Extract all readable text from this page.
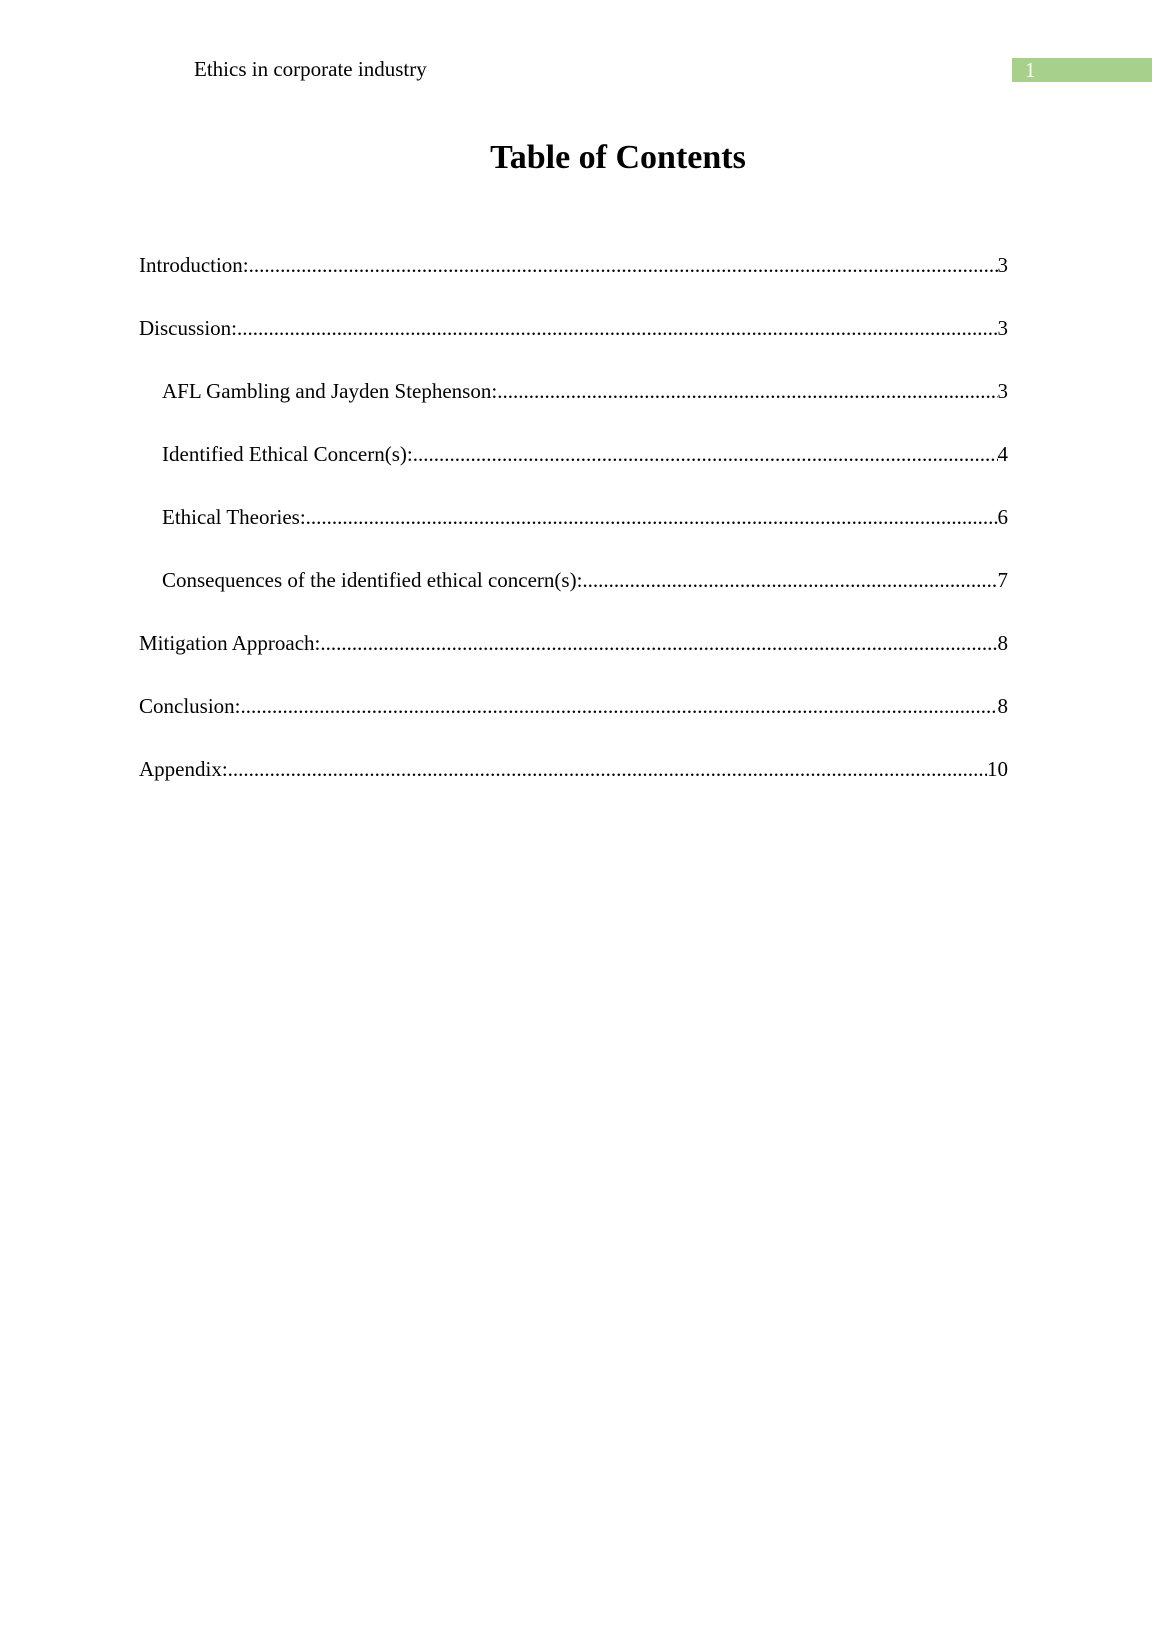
Ethics in corporate industry	1
Table of Contents
Introduction: .....	3
Discussion: .....	3
AFL Gambling and Jayden Stephenson: .....	3
Identified Ethical Concern(s): .....	4
Ethical Theories: .....	6
Consequences of the identified ethical concern(s): .....	7
Mitigation Approach: .....	8
Conclusion: .....	8
Appendix: .....	10
